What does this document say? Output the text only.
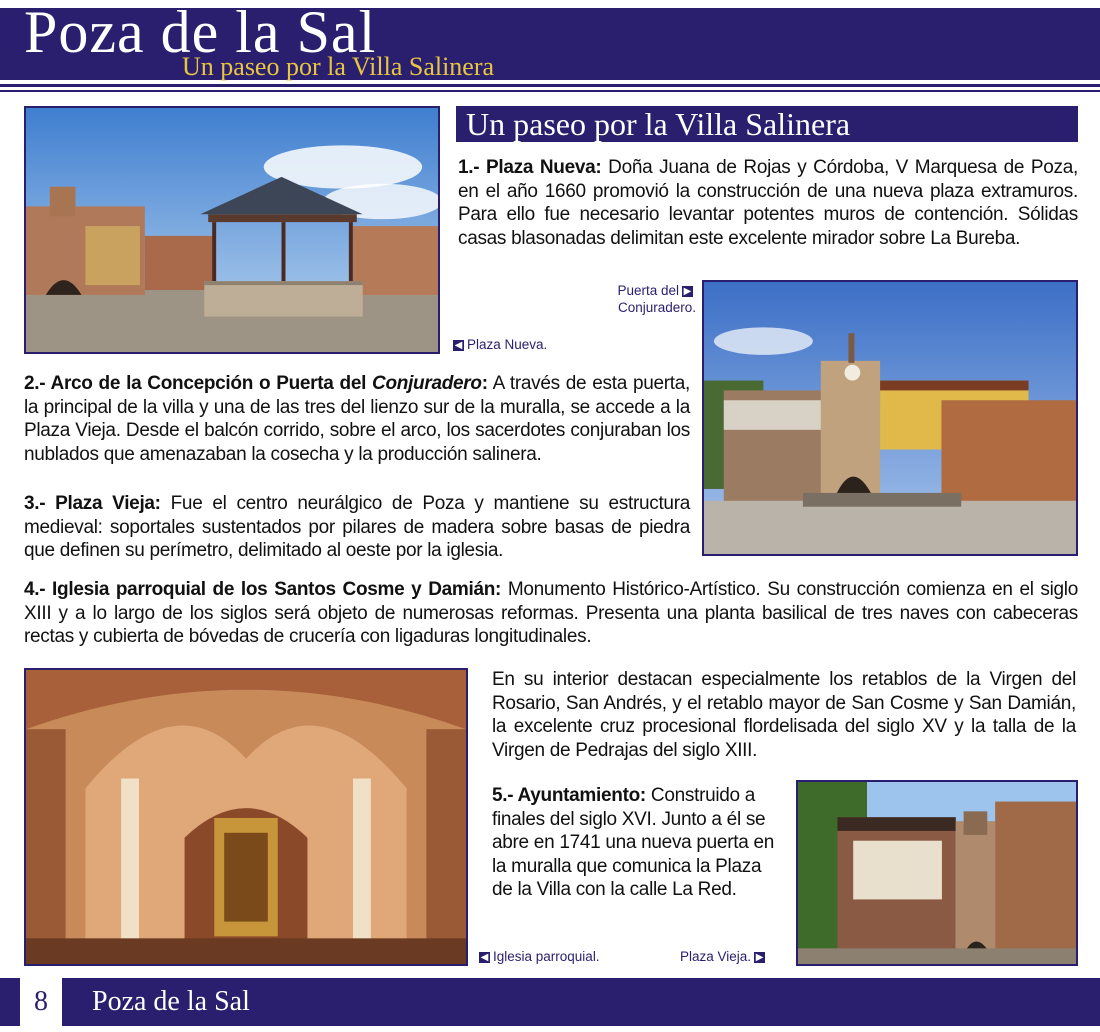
Poza de la Sal
Un paseo por la Villa Salinera
◀ Plaza Nueva.
Un paseo por la Villa Salinera
1.- Plaza Nueva: Doña Juana de Rojas y Córdoba, V Marquesa de Poza, en el año 1660 promovió la construcción de una nueva plaza extramuros. Para ello fue necesario levantar potentes muros de contención. Sólidas casas blasonadas delimitan este excelente mirador sobre La Bureba.
Puerta del ▶
Conjuradero.
2.- Arco de la Concepción o Puerta del Conjuradero: A través de esta puerta, la principal de la villa y una de las tres del lienzo sur de la muralla, se accede a la Plaza Vieja. Desde el balcón corrido, sobre el arco, los sacerdotes conjuraban los nublados que amenazaban la cosecha y la producción salinera.
3.- Plaza Vieja: Fue el centro neurálgico de Poza y mantiene su estructura medieval: soportales sustentados por pilares de madera sobre basas de piedra que definen su perímetro, delimitado al oeste por la iglesia.
4.- Iglesia parroquial de los Santos Cosme y Damián: Monumento Histórico-Artístico. Su construcción comienza en el siglo XIII y a lo largo de los siglos será objeto de numerosas reformas. Presenta una planta basilical de tres naves con cabeceras rectas y cubierta de bóvedas de crucería con ligaduras longitudinales.
En su interior destacan especialmente los retablos de la Virgen del Rosario, San Andrés, y el retablo mayor de San Cosme y San Damián, la excelente cruz procesional flordelisada del siglo XV y la talla de la Virgen de Pedrajas del siglo XIII.
5.- Ayuntamiento: Construido a finales del siglo XVI. Junto a él se abre en 1741 una nueva puerta en la muralla que comunica la Plaza de la Villa con la calle La Red.
◀ Iglesia parroquial.	Plaza Vieja. ▶
8	Poza de la Sal
